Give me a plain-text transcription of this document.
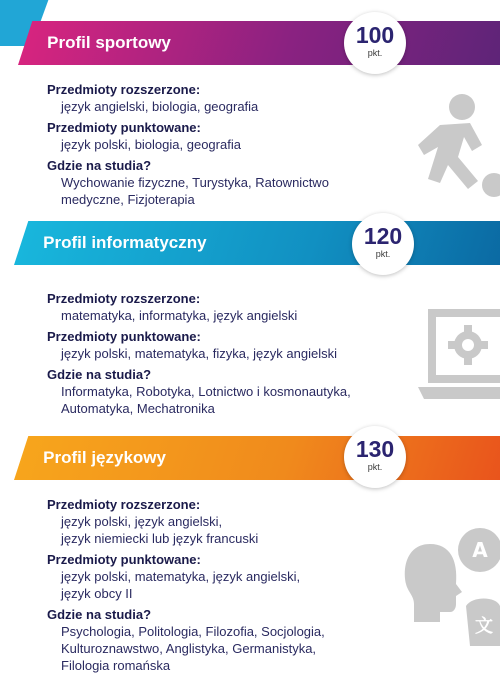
Profil sportowy	100
pkt.
Przedmioty rozszerzone:
język angielski, biologia, geografia
Przedmioty punktowane:
język polski, biologia, geografia
Gdzie na studia?
Wychowanie fizyczne, Turystyka, Ratownictwo
medyczne, Fizjoterapia
Profil informatyczny	120
pkt.
Przedmioty rozszerzone:
matematyka, informatyka, język angielski
Przedmioty punktowane:
język polski, matematyka, fizyka, język angielski
Gdzie na studia?
Informatyka, Robotyka, Lotnictwo i kosmonautyka,
Automatyka, Mechatronika
Profil językowy	130
pkt.
Przedmioty rozszerzone:
język polski, język angielski,
język niemiecki lub język francuski
Przedmioty punktowane:
język polski, matematyka, język angielski,
język obcy II
Gdzie na studia?
Psychologia, Politologia, Filozofia, Socjologia,
Kulturoznawstwo, Anglistyka, Germanistyka,
Filologia romańska
A
文
